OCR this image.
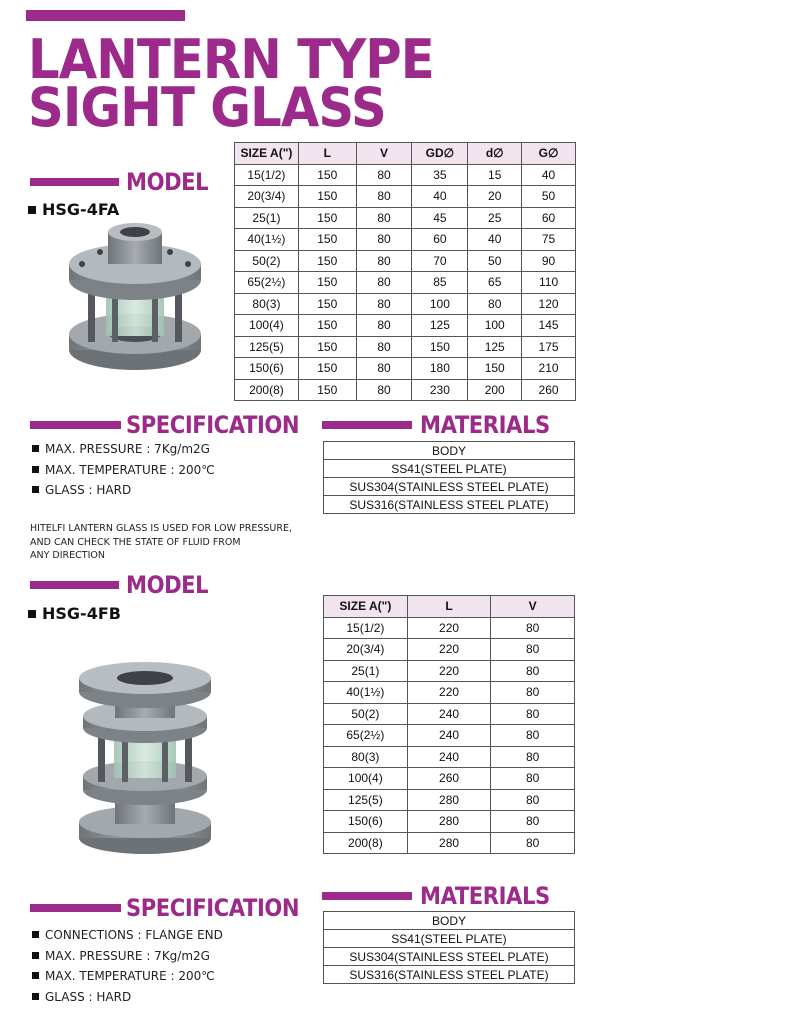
LANTERN TYPE
SIGHT GLASS
MODEL
HSG-4FA
SIZE A(")	L	V	GD∅	d∅	G∅
15(1/2)	150	80	35	15	40
20(3/4)	150	80	40	20	50
25(1)	150	80	45	25	60
40(1½)	150	80	60	40	75
50(2)	150	80	70	50	90
65(2½)	150	80	85	65	110
80(3)	150	80	100	80	120
100(4)	150	80	125	100	145
125(5)	150	80	150	125	175
150(6)	150	80	180	150	210
200(8)	150	80	230	200	260
SPECIFICATION
MAX. PRESSURE : 7Kg/m2G
MAX. TEMPERATURE : 200℃
GLASS : HARD
HITELFI LANTERN GLASS IS USED FOR LOW PRESSURE,
AND CAN CHECK THE STATE OF FLUID FROM
ANY DIRECTION
MATERIALS
BODY
SS41(STEEL PLATE)
SUS304(STAINLESS STEEL PLATE)
SUS316(STAINLESS STEEL PLATE)
MODEL
HSG-4FB	SIZE A(")	L	V
15(1/2)	220	80
20(3/4)	220	80
25(1)	220	80
40(1½)	220	80
50(2)	240	80
65(2½)	240	80
80(3)	240	80
100(4)	260	80
125(5)	280	80
150(6)	280	80
200(8)	280	80
MATERIALS
BODY
SS41(STEEL PLATE)
SUS304(STAINLESS STEEL PLATE)
SUS316(STAINLESS STEEL PLATE)
SPECIFICATION
CONNECTIONS : FLANGE END
MAX. PRESSURE : 7Kg/m2G
MAX. TEMPERATURE : 200℃
GLASS : HARD
